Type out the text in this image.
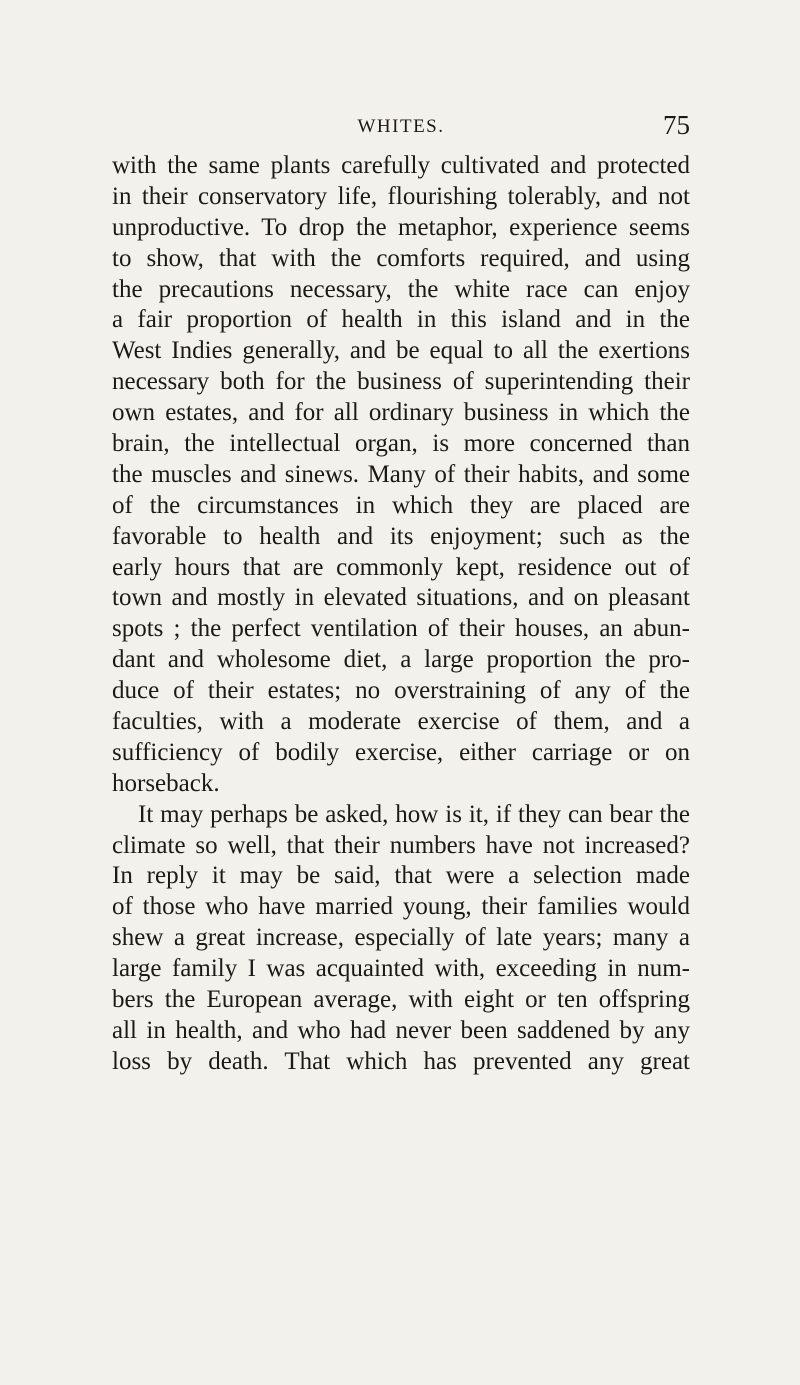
WHITES.	75
with the same plants carefully cultivated and protected
in their conservatory life, flourishing tolerably, and not
unproductive. To drop the metaphor, experience seems
to show, that with the comforts required, and using
the precautions necessary, the white race can enjoy
a fair proportion of health in this island and in the
West Indies generally, and be equal to all the exertions
necessary both for the business of superintending their
own estates, and for all ordinary business in which the
brain, the intellectual organ, is more concerned than
the muscles and sinews. Many of their habits, and some
of the circumstances in which they are placed are
favorable to health and its enjoyment; such as the
early hours that are commonly kept, residence out of
town and mostly in elevated situations, and on pleasant
spots ; the perfect ventilation of their houses, an abun-
dant and wholesome diet, a large proportion the pro-
duce of their estates; no overstraining of any of the
faculties, with a moderate exercise of them, and a
sufficiency of bodily exercise, either carriage or on
horseback.
It may perhaps be asked, how is it, if they can bear the
climate so well, that their numbers have not increased?
In reply it may be said, that were a selection made
of those who have married young, their families would
shew a great increase, especially of late years; many a
large family I was acquainted with, exceeding in num-
bers the European average, with eight or ten offspring
all in health, and who had never been saddened by any
loss by death. That which has prevented any great
